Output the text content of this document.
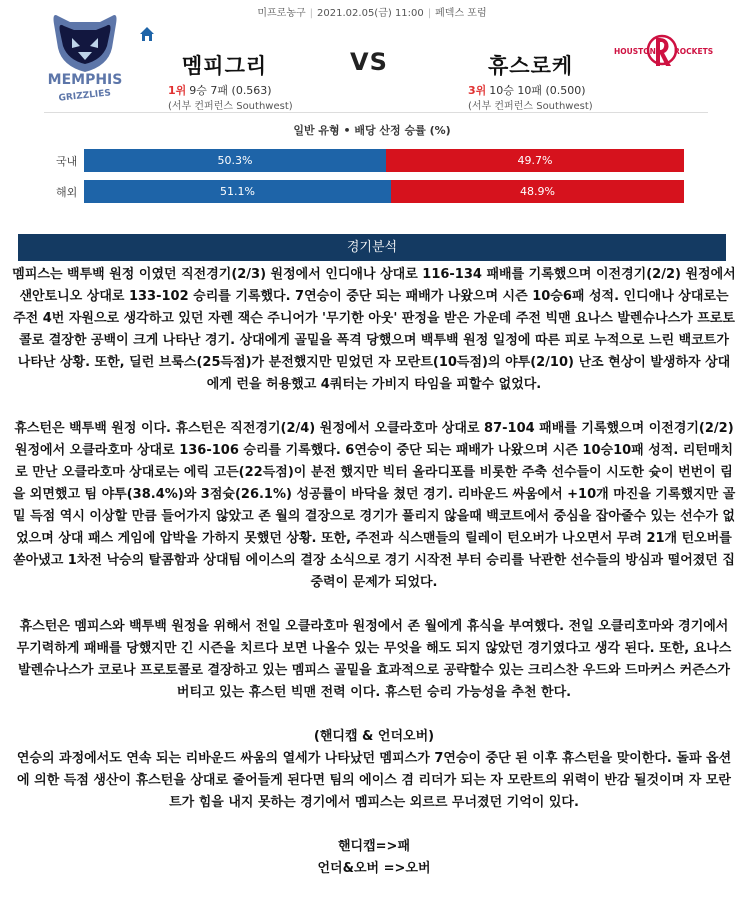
미프로농구 | 2021.02.05(금) 11:00 | 페덱스 포럼
MEMPHIS
GRIZZLIES
멤피그리	VS	휴스로케
1위 9승 7패 (0.563)
(서부 컨퍼런스 Southwest)
3위 10승 10패 (0.500)
(서부 컨퍼런스 Southwest)
HOUSTON ROCKETS
일반 유형 • 배당 산정 승률 (%)
국내	50.3%	49.7%
해외	51.1%	48.9%
경기분석

멤피스는 백투백 원정 이였던 직전경기(2/3) 원정에서 인디애나 상대로 116-134 패배를 기록했으며 이전경기(2/2) 원정에서 샌안토니오 상대로 133-102 승리를 기록했다. 7연승이 중단 되는 패배가 나왔으며 시즌 10승6패 성적. 인디애나 상대로는 주전 4번 자원으로 생각하고 있던 자렌 잭슨 주니어가 '무기한 아웃' 판정을 받은 가운데 주전 빅맨 요나스 발렌슈나스가 프로토 콜로 결장한 공백이 크게 나타난 경기. 상대에게 골밑을 폭격 당했으며 백투백 원정 일정에 따른 피로 누적으로 느린 백코트가 나타난 상황. 또한, 딜런 브룩스(25득점)가 분전했지만 믿었던 자 모란트(10득점)의 야투(2/10) 난조 현상이 발생하자 상대에게 런을 허용했고 4쿼터는 가비지 타임을 피할수 없었다.

휴스턴은 백투백 원정 이다. 휴스턴은 직전경기(2/4) 원정에서 오클라호마 상대로 87-104 패배를 기록했으며 이전경기(2/2) 원정에서 오클라호마 상대로 136-106 승리를 기록했다. 6연승이 중단 되는 패배가 나왔으며 시즌 10승10패 성적. 리턴매치로 만난 오클라호마 상대로는 에릭 고든(22득점)이 분전 했지만 빅터 올라디포를 비롯한 주축 선수들이 시도한 슛이 번번이 림을 외면했고 팀 야투(38.4%)와 3점슛(26.1%) 성공률이 바닥을 쳤던 경기. 리바운드 싸움에서 +10개 마진을 기록했지만 골밑 득점 역시 이상할 만큼 들어가지 않았고 존 월의 결장으로 경기가 풀리지 않을때 백코트에서 중심을 잡아줄수 있는 선수가 없었으며 상대 패스 게임에 압박을 가하지 못했던 상황. 또한, 주전과 식스맨들의 릴레이 턴오버가 나오면서 무려 21개 턴오버를 쏟아냈고 1차전 낙승의 탈콤함과 상대팀 에이스의 결장 소식으로 경기 시작전 부터 승리를 낙관한 선수들의 방심과 떨어졌던 집중력이 문제가 되었다.

휴스턴은 멤피스와 백투백 원정을 위해서 전일 오클라호마 원정에서 존 월에게 휴식을 부여했다. 전일 오클리호마와 경기에서 무기력하게 패배를 당했지만 긴 시즌을 치르다 보면 나올수 있는 무엇을 해도 되지 않았던 경기였다고 생각 된다. 또한, 요나스 발렌슈나스가 코로나 프로토콜로 결장하고 있는 멤피스 골밑을 효과적으로 공략할수 있는 크리스찬 우드와 드마커스 커즌스가 버티고 있는 휴스턴 빅맨 전력 이다. 휴스턴 승리 가능성을 추천 한다.

(핸디캡 & 언더오버)

연승의 과정에서도 연속 되는 리바운드 싸움의 열세가 나타났던 멤피스가 7연승이 중단 된 이후 휴스턴을 맞이한다. 돌파 옵션에 의한 득점 생산이 휴스턴을 상대로 줄어들게 된다면 팀의 에이스 겸 리더가 되는 자 모란트의 위력이 반감 될것이며 자 모란트가 힘을 내지 못하는 경기에서 멤피스는 외르르 무너졌던 기억이 있다.

핸디캡=>패

언더&오버 =>오버
